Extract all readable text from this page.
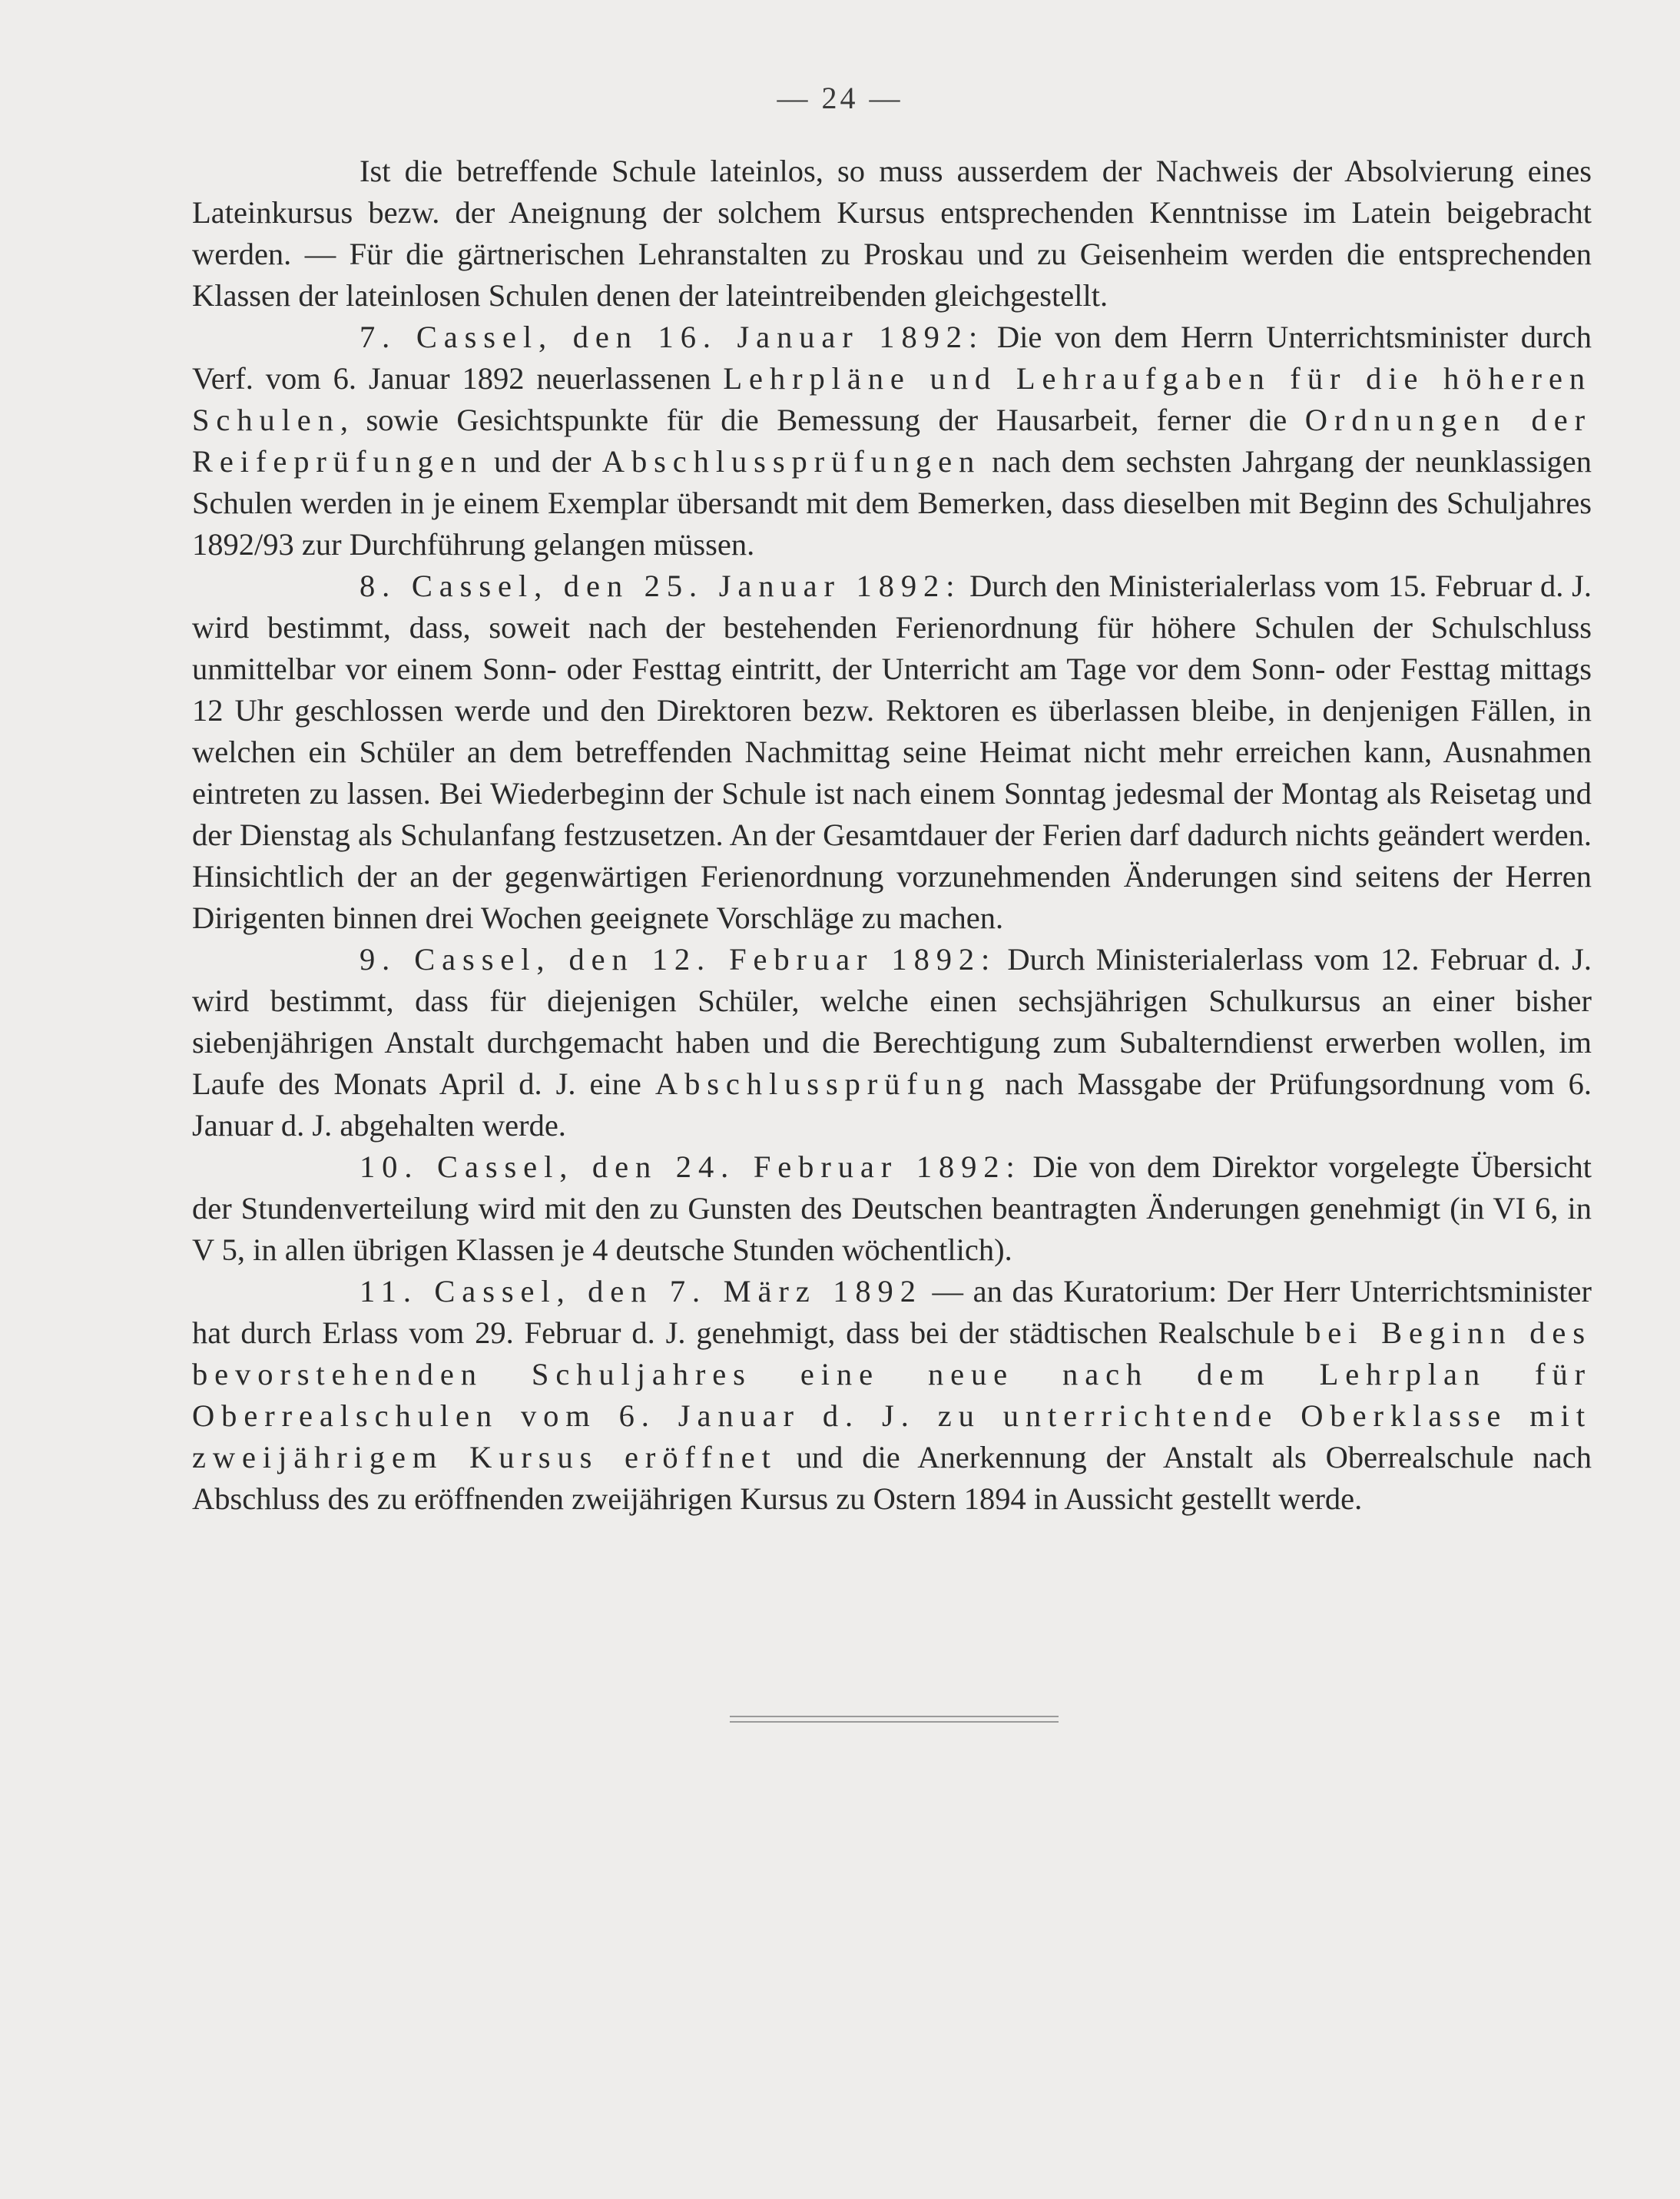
— 24 —

Ist die betreffende Schule lateinlos, so muss ausserdem der Nachweis der Absolvierung eines Lateinkursus bezw. der Aneignung der solchem Kursus entsprechenden Kenntnisse im Latein beigebracht werden. — Für die gärtnerischen Lehranstalten zu Proskau und zu Geisenheim werden die entsprechenden Klassen der lateinlosen Schulen denen der lateintreibenden gleichgestellt.

7. Cassel, den 16. Januar 1892: Die von dem Herrn Unterrichtsminister durch Verf. vom 6. Januar 1892 neuerlassenen Lehrpläne und Lehraufgaben für die höheren Schulen, sowie Gesichtspunkte für die Bemessung der Hausarbeit, ferner die Ordnungen der Reifeprüfungen und der Abschlussprüfungen nach dem sechsten Jahrgang der neunklassigen Schulen werden in je einem Exemplar übersandt mit dem Bemerken, dass dieselben mit Beginn des Schuljahres 1892/93 zur Durchführung gelangen müssen.

8. Cassel, den 25. Januar 1892: Durch den Ministerialerlass vom 15. Februar d. J. wird bestimmt, dass, soweit nach der bestehenden Ferienordnung für höhere Schulen der Schulschluss unmittelbar vor einem Sonn- oder Festtag eintritt, der Unterricht am Tage vor dem Sonn- oder Festtag mittags 12 Uhr geschlossen werde und den Direktoren bezw. Rektoren es überlassen bleibe, in denjenigen Fällen, in welchen ein Schüler an dem betreffenden Nachmittag seine Heimat nicht mehr erreichen kann, Ausnahmen eintreten zu lassen. Bei Wiederbeginn der Schule ist nach einem Sonntag jedesmal der Montag als Reisetag und der Dienstag als Schulanfang festzusetzen. An der Gesamtdauer der Ferien darf dadurch nichts geändert werden. Hinsichtlich der an der gegenwärtigen Ferienordnung vorzunehmenden Änderungen sind seitens der Herren Dirigenten binnen drei Wochen geeignete Vorschläge zu machen.

9. Cassel, den 12. Februar 1892: Durch Ministerialerlass vom 12. Februar d. J. wird bestimmt, dass für diejenigen Schüler, welche einen sechsjährigen Schulkursus an einer bisher siebenjährigen Anstalt durchgemacht haben und die Berechtigung zum Subalterndienst erwerben wollen, im Laufe des Monats April d. J. eine Abschlussprüfung nach Massgabe der Prüfungsordnung vom 6. Januar d. J. abgehalten werde.

10. Cassel, den 24. Februar 1892: Die von dem Direktor vorgelegte Übersicht der Stundenverteilung wird mit den zu Gunsten des Deutschen beantragten Änderungen genehmigt (in VI 6, in V 5, in allen übrigen Klassen je 4 deutsche Stunden wöchentlich).

11. Cassel, den 7. März 1892 — an das Kuratorium: Der Herr Unterrichtsminister hat durch Erlass vom 29. Februar d. J. genehmigt, dass bei der städtischen Realschule bei Beginn des bevorstehenden Schuljahres eine neue nach dem Lehrplan für Oberrealschulen vom 6. Januar d. J. zu unterrichtende Oberklasse mit zweijährigem Kursus eröffnet und die Anerkennung der Anstalt als Oberrealschule nach Abschluss des zu eröffnenden zweijährigen Kursus zu Ostern 1894 in Aussicht gestellt werde.
